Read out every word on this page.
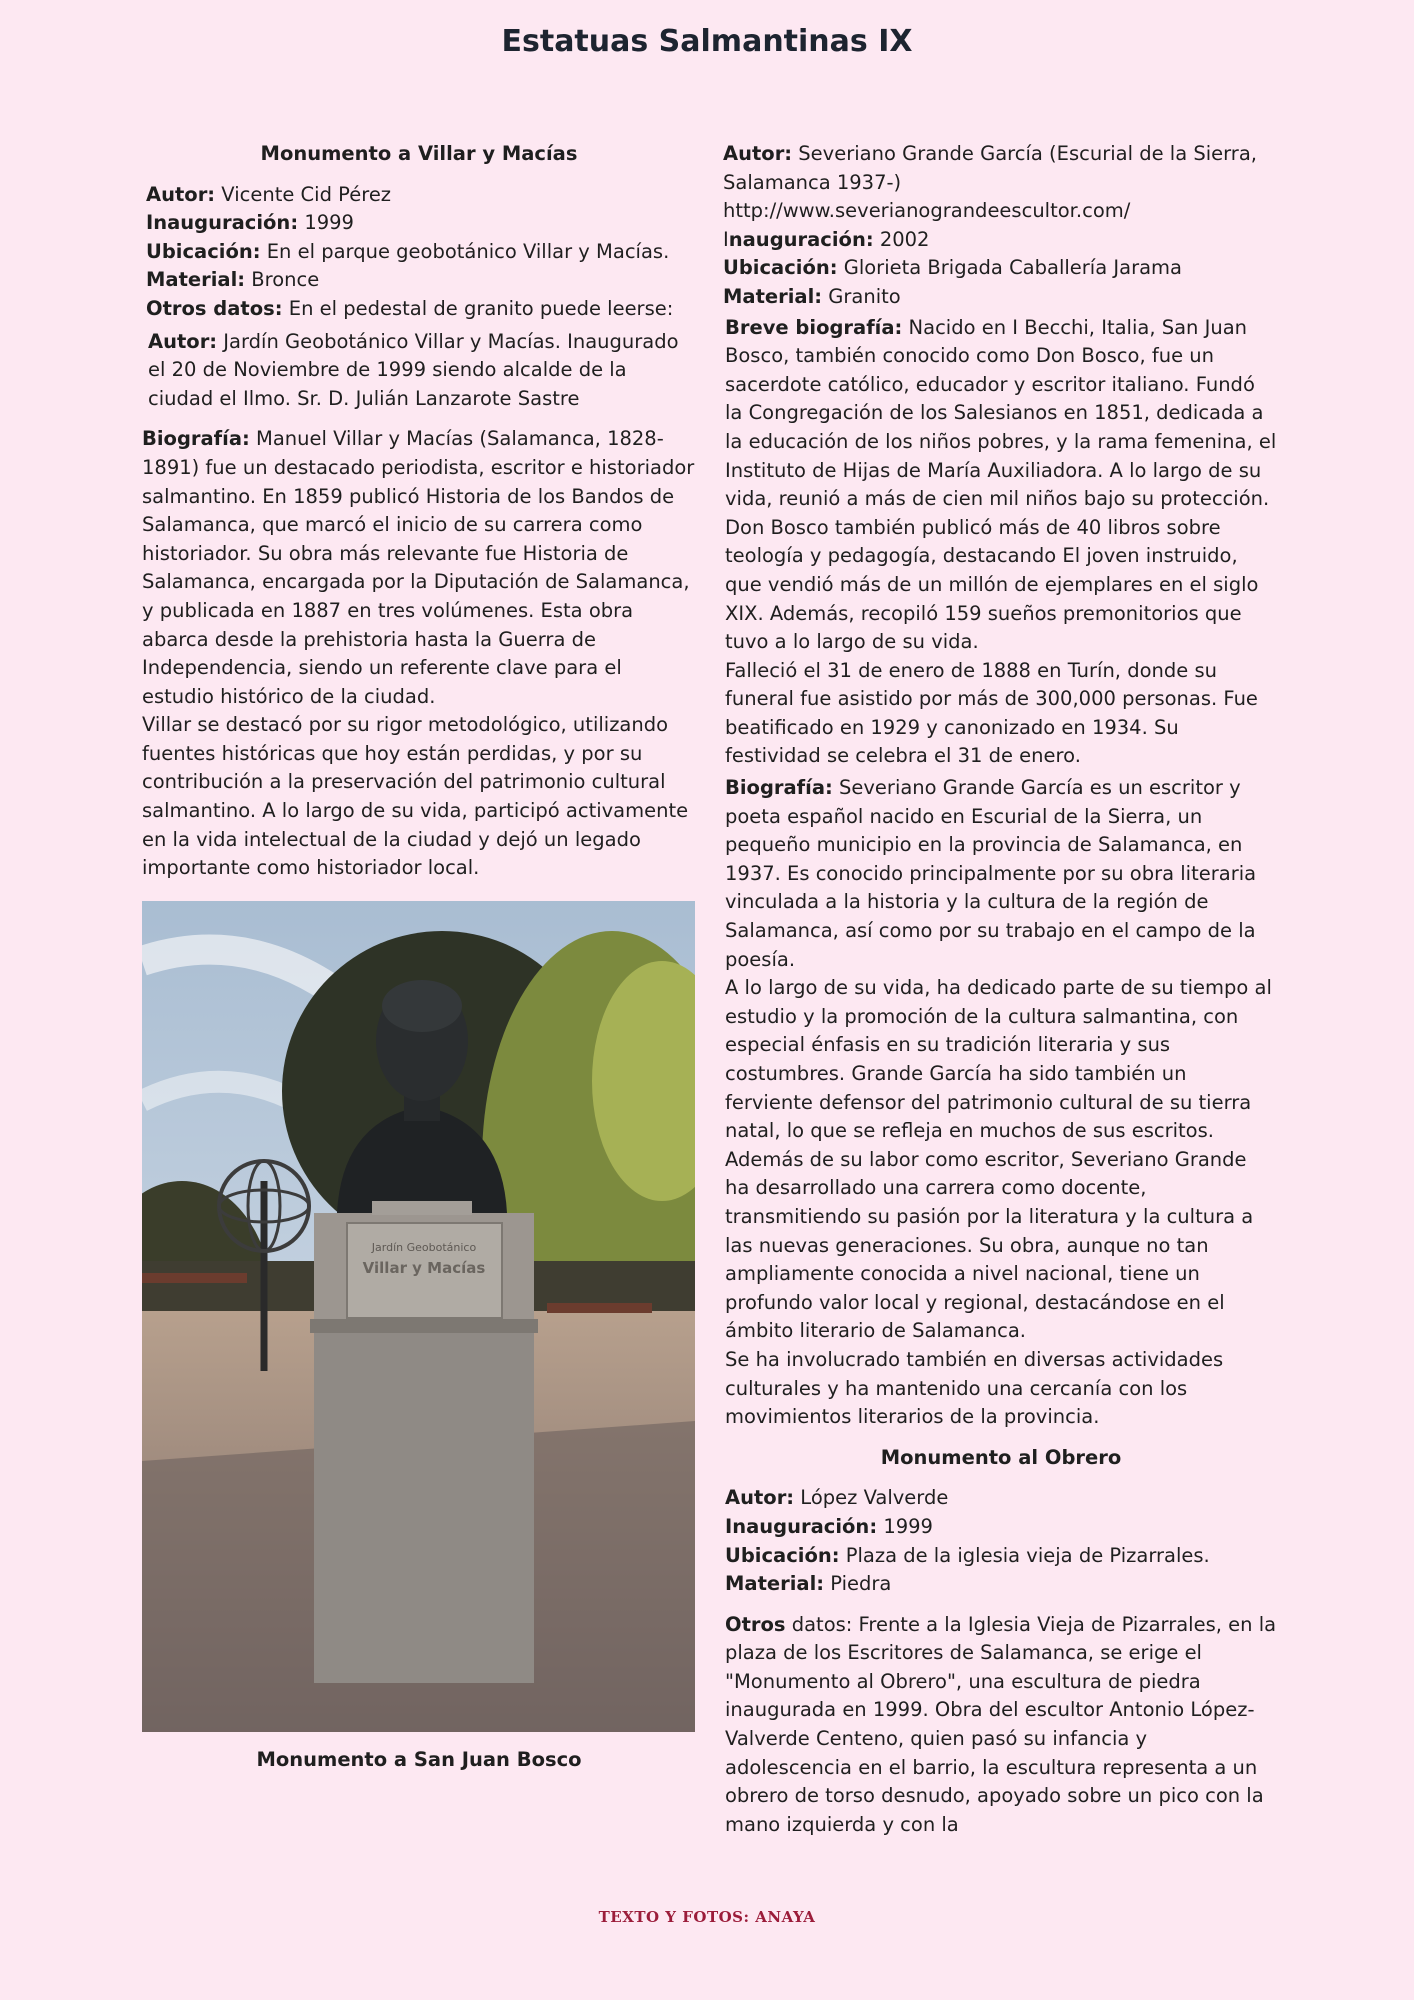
Estatuas Salmantinas IX

Monumento a Villar y Macías

Autor: Vicente Cid Pérez

Inauguración: 1999

Ubicación: En el parque geobotánico Villar y Macías.

Material: Bronce

Otros datos: En el pedestal de granito puede leerse:

Autor: Jardín Geobotánico Villar y Macías. Inaugurado el 20 de Noviembre de 1999 siendo alcalde de la ciudad el Ilmo. Sr. D. Julián Lanzarote Sastre

Biografía: Manuel Villar y Macías (Salamanca, 1828-1891) fue un destacado periodista, escritor e historiador salmantino. En 1859 publicó Historia de los Bandos de Salamanca, que marcó el inicio de su carrera como historiador. Su obra más relevante fue Historia de Salamanca, encargada por la Diputación de Salamanca, y publicada en 1887 en tres volúmenes. Esta obra abarca desde la prehistoria hasta la Guerra de Independencia, siendo un referente clave para el estudio histórico de la ciudad.

Villar se destacó por su rigor metodológico, utilizando fuentes históricas que hoy están perdidas, y por su contribución a la preservación del patrimonio cultural salmantino. A lo largo de su vida, participó activamente en la vida intelectual de la ciudad y dejó un legado importante como historiador local.

Jardín Geobotánico
Villar y Macías

Monumento a San Juan Bosco

Autor: Severiano Grande García (Escurial de la Sierra, Salamanca 1937-)

http://www.severianograndeescultor.com/

Inauguración: 2002

Ubicación: Glorieta Brigada Caballería Jarama

Material: Granito

Breve biografía: Nacido en I Becchi, Italia, San Juan Bosco, también conocido como Don Bosco, fue un sacerdote católico, educador y escritor italiano. Fundó la Congregación de los Salesianos en 1851, dedicada a la educación de los niños pobres, y la rama femenina, el Instituto de Hijas de María Auxiliadora. A lo largo de su vida, reunió a más de cien mil niños bajo su protección.

Don Bosco también publicó más de 40 libros sobre teología y pedagogía, destacando El joven instruido, que vendió más de un millón de ejemplares en el siglo XIX. Además, recopiló 159 sueños premonitorios que tuvo a lo largo de su vida.

Falleció el 31 de enero de 1888 en Turín, donde su funeral fue asistido por más de 300,000 personas. Fue beatificado en 1929 y canonizado en 1934. Su festividad se celebra el 31 de enero.

Biografía: Severiano Grande García es un escritor y poeta español nacido en Escurial de la Sierra, un pequeño municipio en la provincia de Salamanca, en 1937. Es conocido principalmente por su obra literaria vinculada a la historia y la cultura de la región de Salamanca, así como por su trabajo en el campo de la poesía.

A lo largo de su vida, ha dedicado parte de su tiempo al estudio y la promoción de la cultura salmantina, con especial énfasis en su tradición literaria y sus costumbres. Grande García ha sido también un ferviente defensor del patrimonio cultural de su tierra natal, lo que se refleja en muchos de sus escritos.

Además de su labor como escritor, Severiano Grande ha desarrollado una carrera como docente, transmitiendo su pasión por la literatura y la cultura a las nuevas generaciones. Su obra, aunque no tan ampliamente conocida a nivel nacional, tiene un profundo valor local y regional, destacándose en el ámbito literario de Salamanca.

Se ha involucrado también en diversas actividades culturales y ha mantenido una cercanía con los movimientos literarios de la provincia.

Monumento al Obrero

Autor: López Valverde

Inauguración: 1999

Ubicación: Plaza de la iglesia vieja de Pizarrales.

Material: Piedra

Otros datos: Frente a la Iglesia Vieja de Pizarrales, en la plaza de los Escritores de Salamanca, se erige el "Monumento al Obrero", una escultura de piedra inaugurada en 1999. Obra del escultor Antonio López-Valverde Centeno, quien pasó su infancia y adolescencia en el barrio, la escultura representa a un obrero de torso desnudo, apoyado sobre un pico con la mano izquierda y con la

TEXTO Y FOTOS: ANAYA
